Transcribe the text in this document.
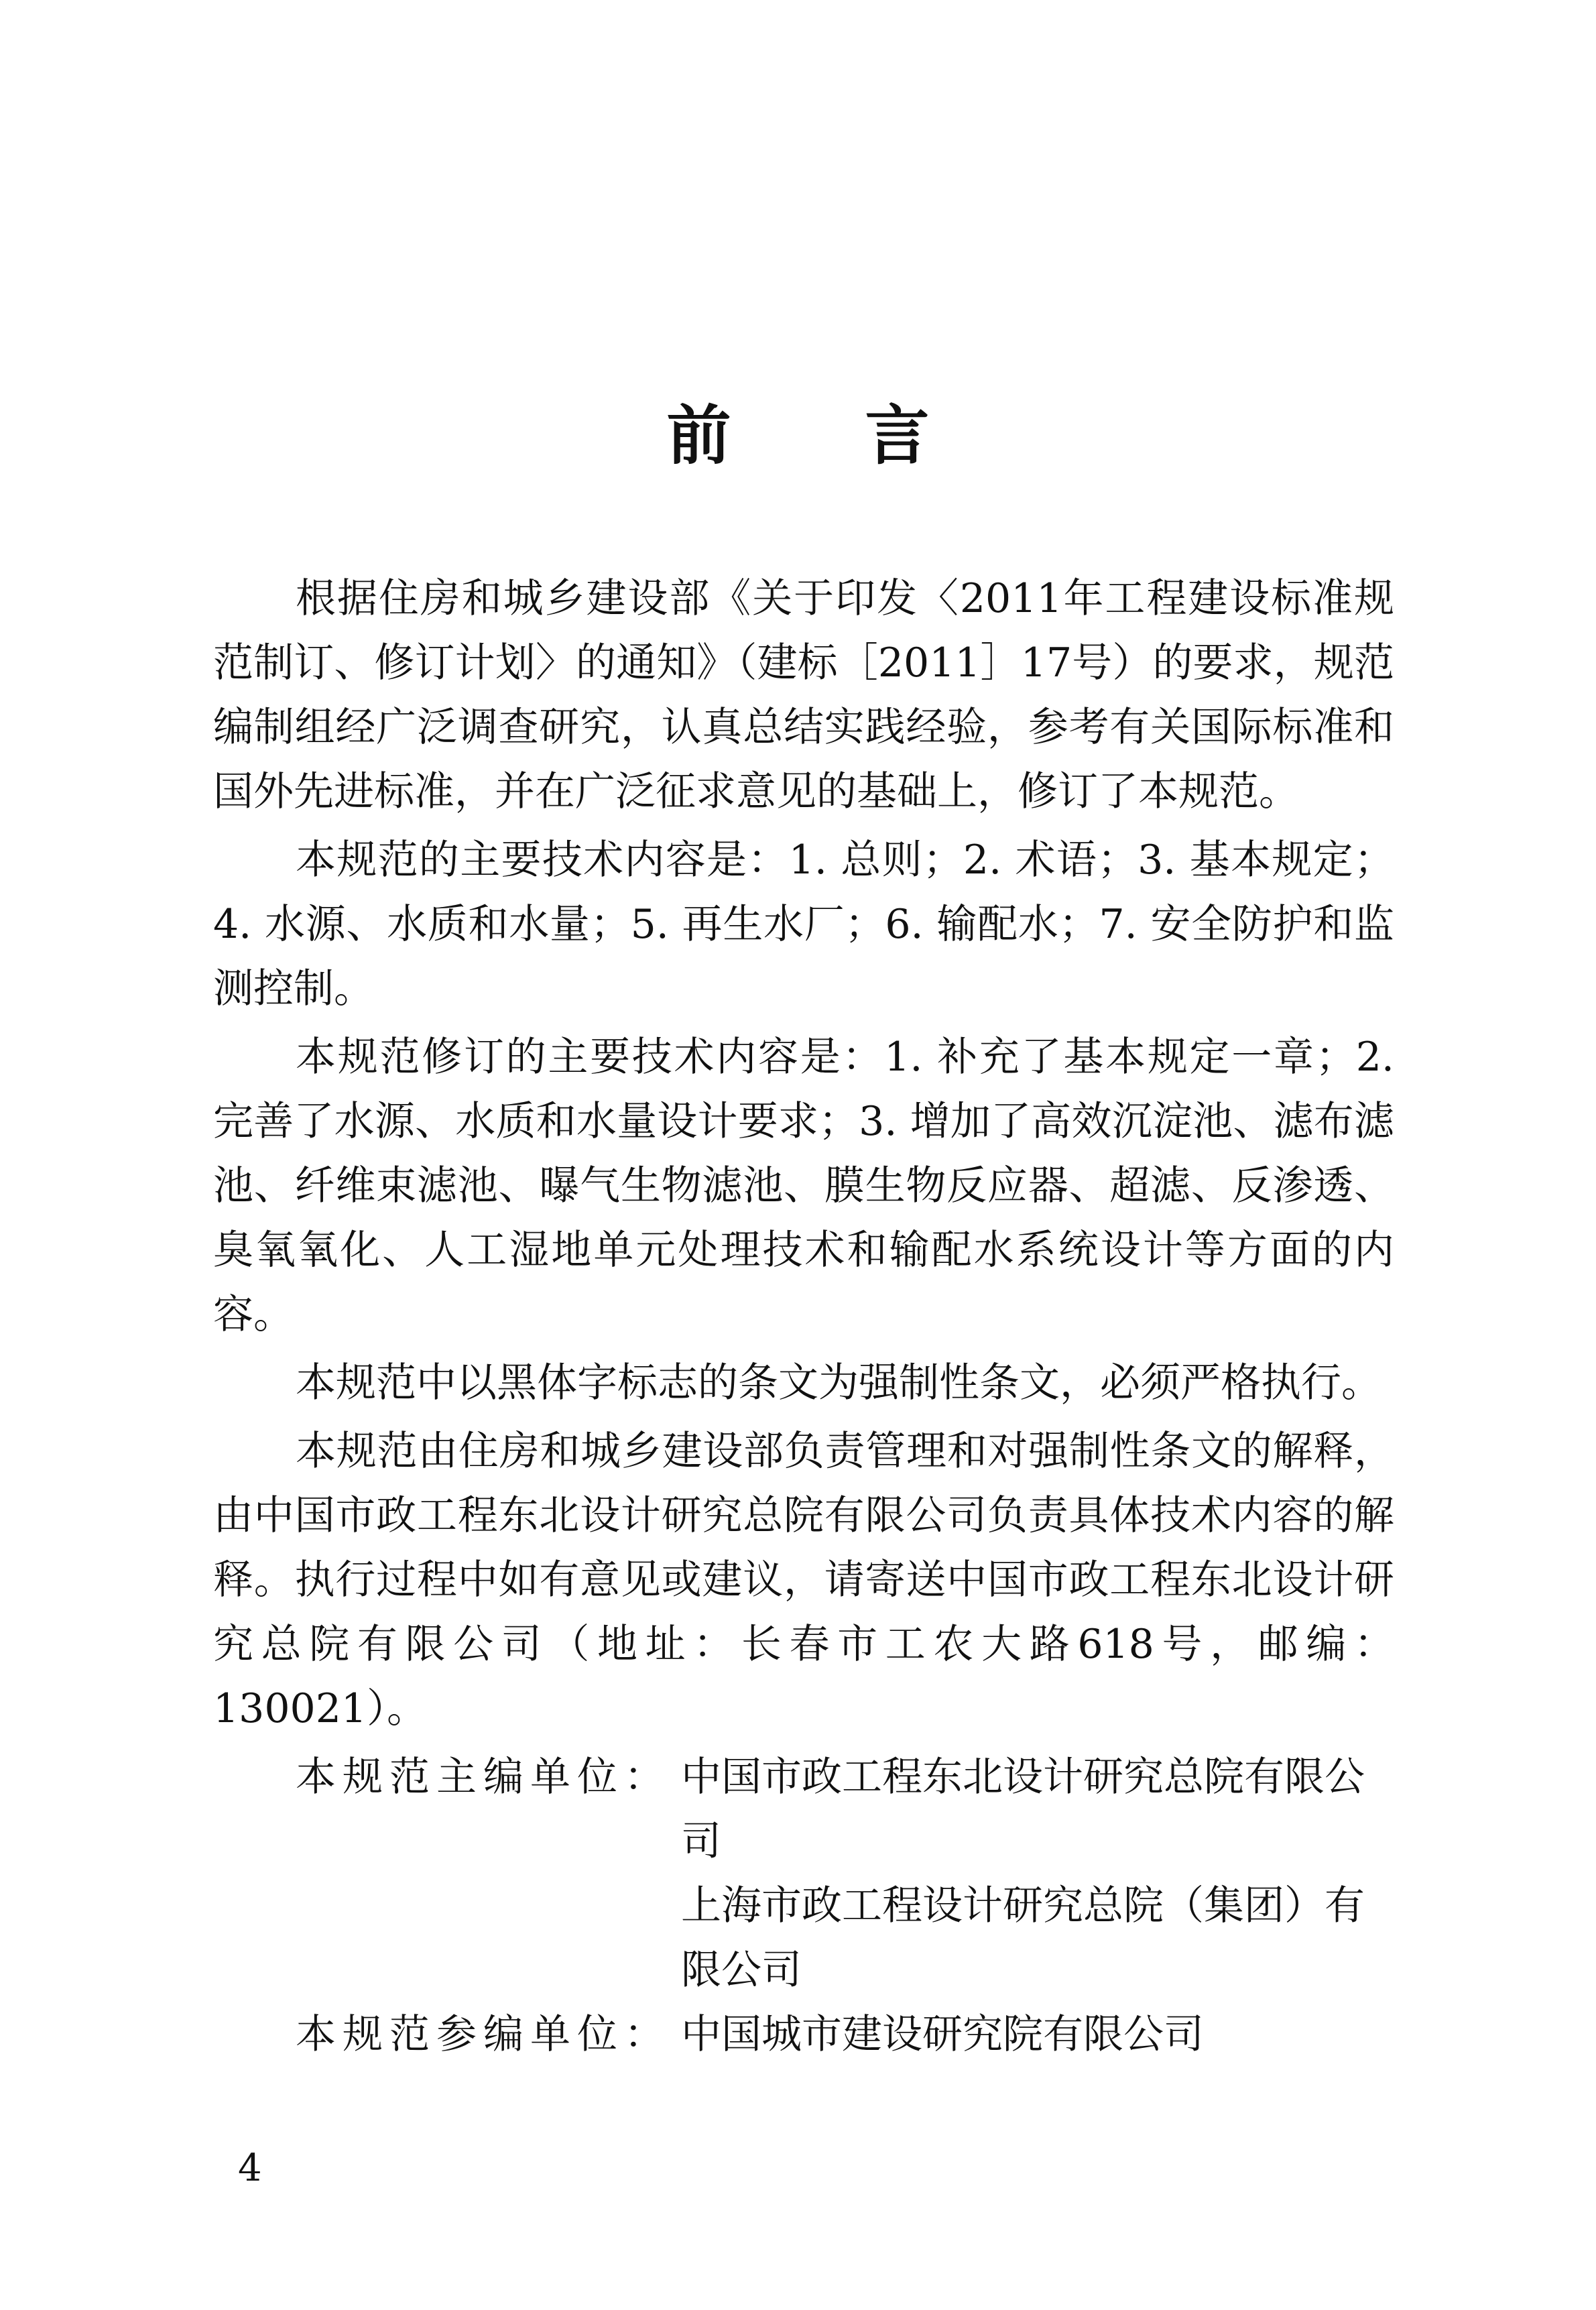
前言

根据住房和城乡建设部《关于印发〈2011年工程建设标准规范制订、修订计划〉的通知》（建标［2011］17号）的要求，规范编制组经广泛调查研究，认真总结实践经验，参考有关国际标准和国外先进标准，并在广泛征求意见的基础上，修订了本规范。

本规范的主要技术内容是：1. 总则；2. 术语；3. 基本规定；4. 水源、水质和水量；5. 再生水厂；6. 输配水；7. 安全防护和监测控制。

本规范修订的主要技术内容是：1. 补充了基本规定一章；2. 完善了水源、水质和水量设计要求；3. 增加了高效沉淀池、滤布滤池、纤维束滤池、曝气生物滤池、膜生物反应器、超滤、反渗透、臭氧氧化、人工湿地单元处理技术和输配水系统设计等方面的内容。

本规范中以黑体字标志的条文为强制性条文，必须严格执行。

本规范由住房和城乡建设部负责管理和对强制性条文的解释，由中国市政工程东北设计研究总院有限公司负责具体技术内容的解释。执行过程中如有意见或建议，请寄送中国市政工程东北设计研究总院有限公司（地址：长春市工农大路618号，邮编：130021）。

本规范主编单位： 中国市政工程东北设计研究总院有限公司
上海市政工程设计研究总院（集团）有限公司
本规范参编单位： 中国城市建设研究院有限公司
4
